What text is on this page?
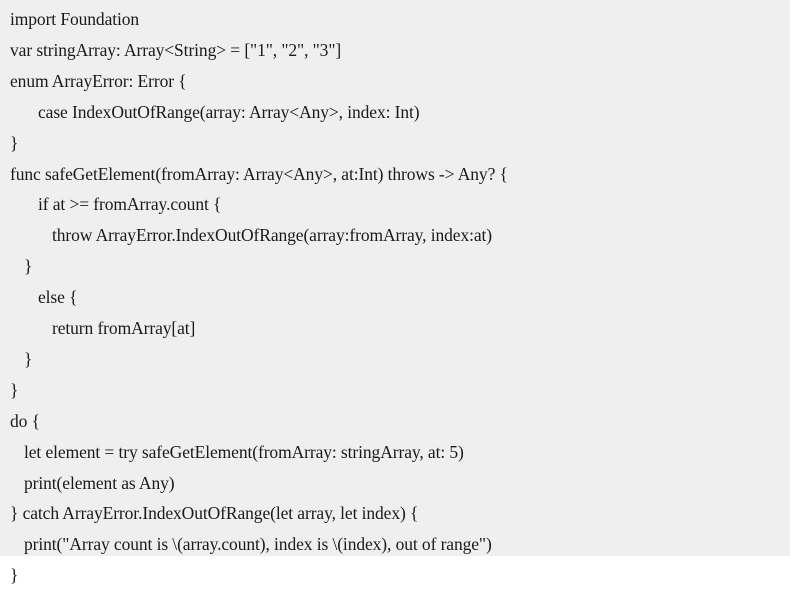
import Foundation
var stringArray: Array<String> = ["1", "2", "3"]
enum ArrayError: Error {
case IndexOutOfRange(array: Array<Any>, index: Int)
}
func safeGetElement(fromArray: Array<Any>, at:Int) throws -> Any? {
if at >= fromArray.count {
throw ArrayError.IndexOutOfRange(array:fromArray, index:at)
}
else {
return fromArray[at]
}
}
do {
let element = try safeGetElement(fromArray: stringArray, at: 5)
print(element as Any)
} catch ArrayError.IndexOutOfRange(let array, let index) {
print("Array count is \(array.count), index is \(index), out of range")
}
